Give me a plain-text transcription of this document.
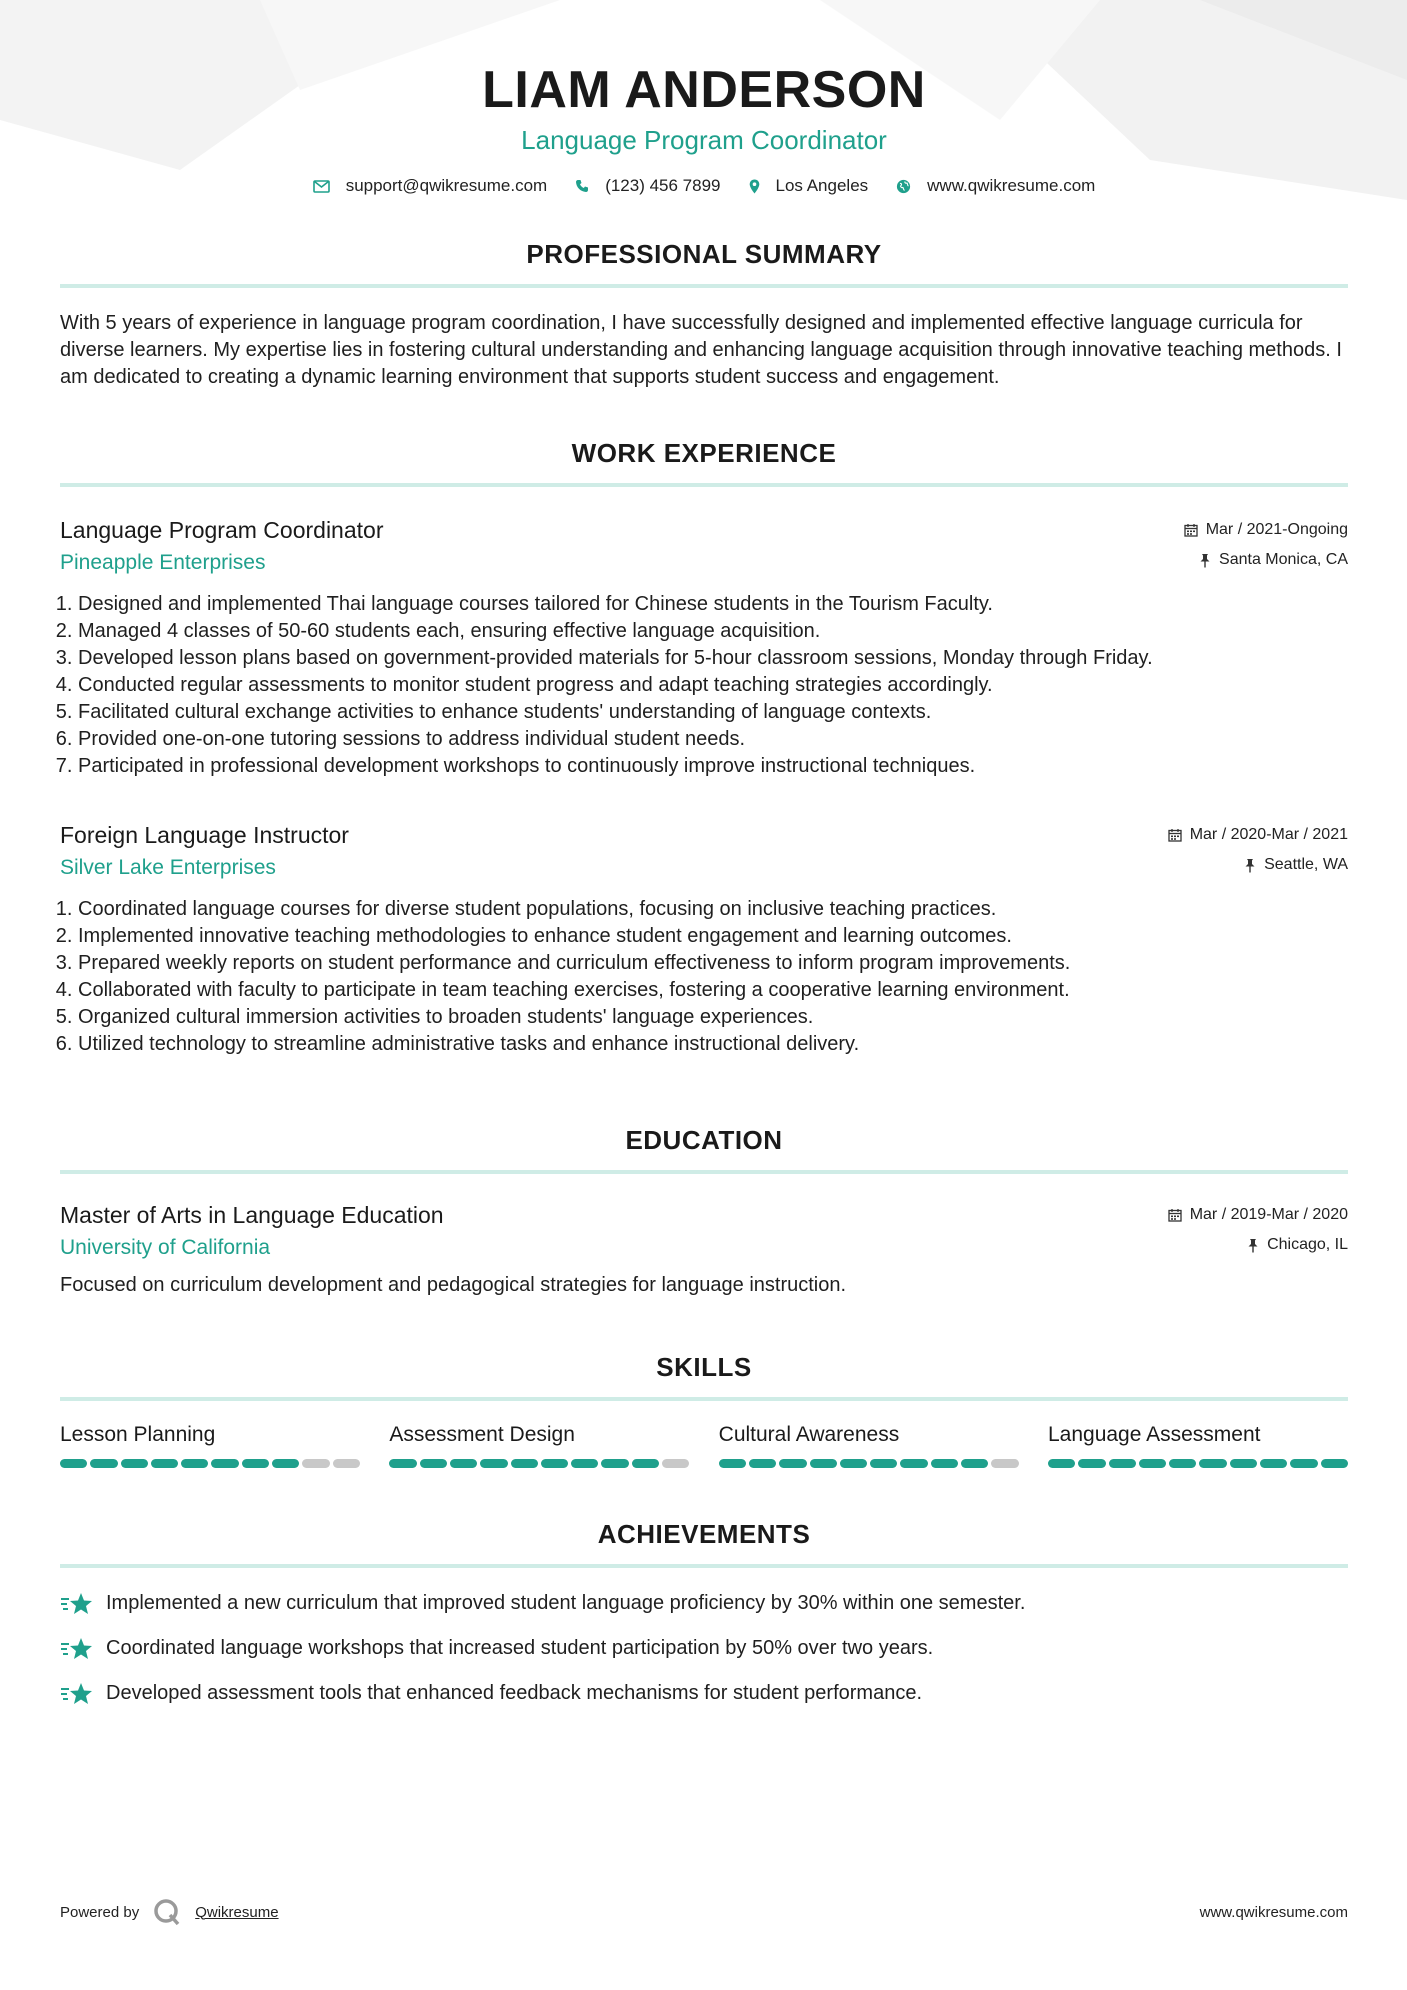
LIAM ANDERSON
Language Program Coordinator
support@qwikresume.com	(123) 456 7899	Los Angeles	www.qwikresume.com
PROFESSIONAL SUMMARY
With 5 years of experience in language program coordination, I have successfully designed and implemented effective language curricula for diverse learners. My expertise lies in fostering cultural understanding and enhancing language acquisition through innovative teaching methods. I am dedicated to creating a dynamic learning environment that supports student success and engagement.
WORK EXPERIENCE
Language Program Coordinator
Pineapple Enterprises
Mar / 2021-Ongoing
Santa Monica, CA
1. Designed and implemented Thai language courses tailored for Chinese students in the Tourism Faculty.
2. Managed 4 classes of 50-60 students each, ensuring effective language acquisition.
3. Developed lesson plans based on government-provided materials for 5-hour classroom sessions, Monday through Friday.
4. Conducted regular assessments to monitor student progress and adapt teaching strategies accordingly.
5. Facilitated cultural exchange activities to enhance students' understanding of language contexts.
6. Provided one-on-one tutoring sessions to address individual student needs.
7. Participated in professional development workshops to continuously improve instructional techniques.
Foreign Language Instructor
Silver Lake Enterprises
Mar / 2020-Mar / 2021
Seattle, WA
1. Coordinated language courses for diverse student populations, focusing on inclusive teaching practices.
2. Implemented innovative teaching methodologies to enhance student engagement and learning outcomes.
3. Prepared weekly reports on student performance and curriculum effectiveness to inform program improvements.
4. Collaborated with faculty to participate in team teaching exercises, fostering a cooperative learning environment.
5. Organized cultural immersion activities to broaden students' language experiences.
6. Utilized technology to streamline administrative tasks and enhance instructional delivery.
EDUCATION
Master of Arts in Language Education
University of California
Mar / 2019-Mar / 2020
Chicago, IL
Focused on curriculum development and pedagogical strategies for language instruction.
SKILLS
Lesson Planning	Assessment Design	Cultural Awareness	Language Assessment
ACHIEVEMENTS
Implemented a new curriculum that improved student language proficiency by 30% within one semester.
Coordinated language workshops that increased student participation by 50% over two years.
Developed assessment tools that enhanced feedback mechanisms for student performance.
Powered by	Qwikresume	www.qwikresume.com
